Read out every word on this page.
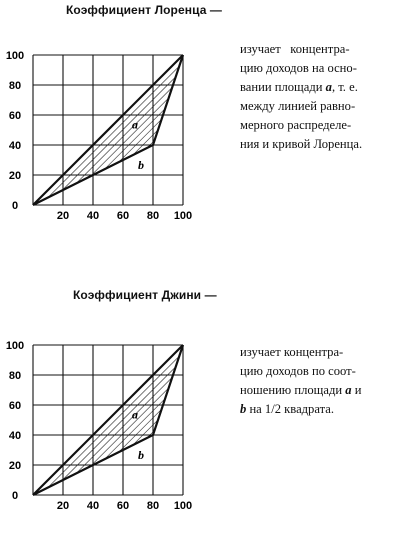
Коэффициент Лоренца —
0
20
40
60
80
100
20 40 60 80 100
a
b
изучает   концентра-
цию доходов на осно-
вании площади a, т. е.
между линией равно-
мерного распределе-
ния и кривой Лоренца.
Коэффициент Джини —
0
20
40
60
80
100
20 40 60 80 100
a
b
изучает концентра-
цию доходов по соот-
ношению площади a и
b на 1/2 квадрата.
